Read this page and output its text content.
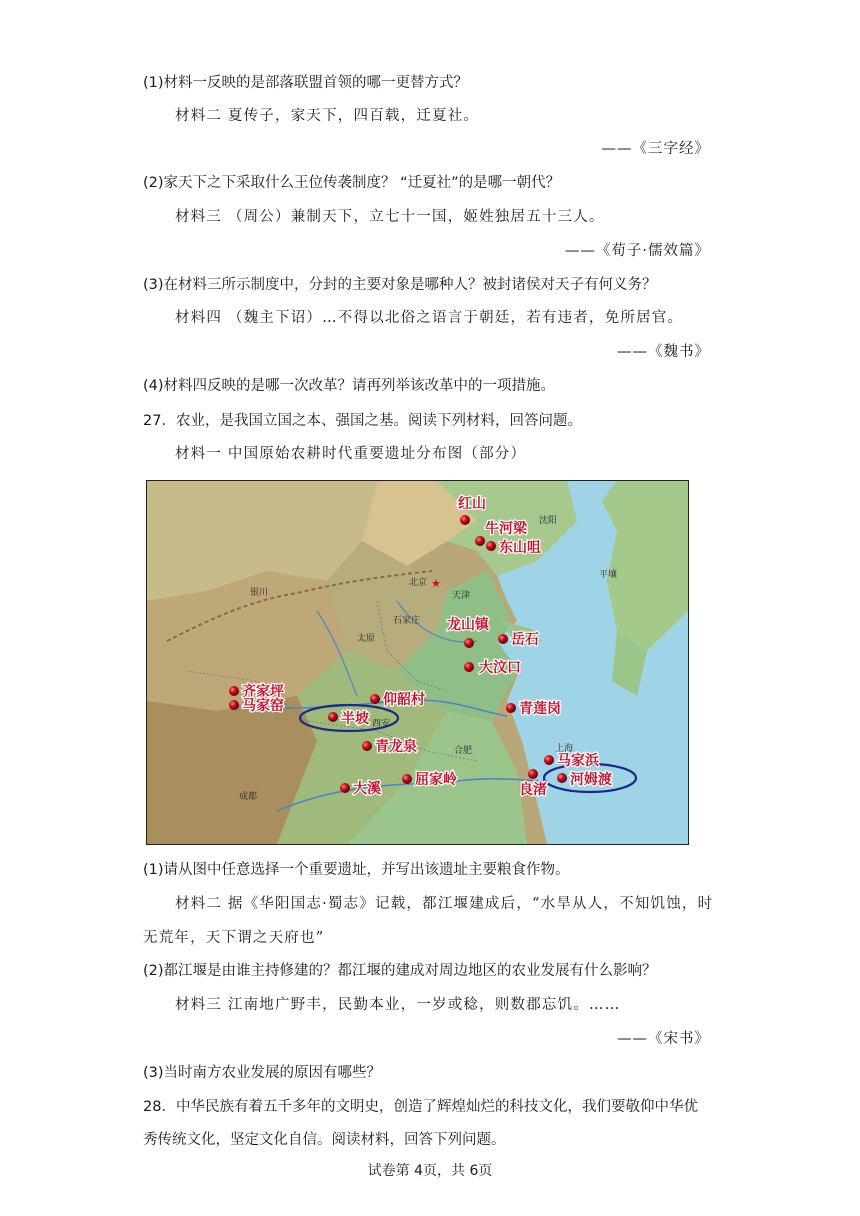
(1)材料一反映的是部落联盟首领的哪一更替方式？
材料二 夏传子，家天下，四百载，迁夏社。
——《三字经》
(2)家天下之下采取什么王位传袭制度？ “迁夏社”的是哪一朝代？
材料三 （周公）兼制天下，立七十一国，姬姓独居五十三人。
——《荀子·儒效篇》
(3)在材料三所示制度中，分封的主要对象是哪种人？被封诸侯对天子有何义务？
材料四 （魏主下诏）…不得以北俗之语言于朝廷，若有违者，免所居官。
——《魏书》
(4)材料四反映的是哪一次改革？请再列举该改革中的一项措施。
27．农业，是我国立国之本、强国之基。阅读下列材料，回答问题。
材料一 中国原始农耕时代重要遗址分布图（部分）
沈阳
北京
天津
石家庄
太原
银川
西安
合肥	上海
成都
平壤
★
红山
牛河梁
东山咀
龙山镇
岳石
大汶口
齐家坪
马家窑	仰韶村
半坡
青莲岗
青龙泉
马家浜
河姆渡
良渚
大溪
屈家岭
(1)请从图中任意选择一个重要遗址，并写出该遗址主要粮食作物。
材料二 据《华阳国志·蜀志》记载，都江堰建成后，“水旱从人，不知饥蚀，时
无荒年，天下谓之天府也”
(2)都江堰是由谁主持修建的？都江堰的建成对周边地区的农业发展有什么影响？
材料三 江南地广野丰，民勤本业，一岁或稔，则数郡忘饥。……
——《宋书》
(3)当时南方农业发展的原因有哪些？
28．中华民族有着五千多年的文明史，创造了辉煌灿烂的科技文化，我们要敬仰中华优
秀传统文化，坚定文化自信。阅读材料，回答下列问题。
试卷第 4页，共 6页
